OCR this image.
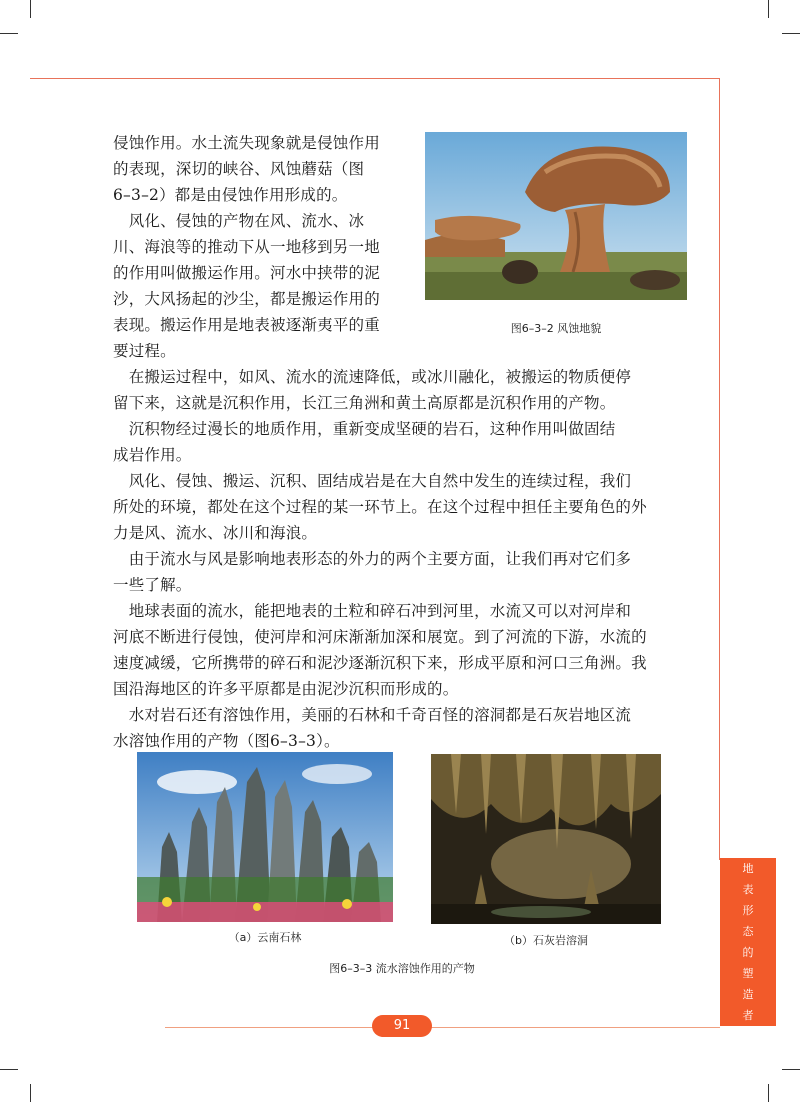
侵蚀作用。水土流失现象就是侵蚀作用

的表现，深切的峡谷、风蚀蘑菇（图

6–3–2）都是由侵蚀作用形成的。

　风化、侵蚀的产物在风、流水、冰

川、海浪等的推动下从一地移到另一地

的作用叫做搬运作用。河水中挟带的泥

沙，大风扬起的沙尘，都是搬运作用的

表现。搬运作用是地表被逐渐夷平的重

要过程。

　在搬运过程中，如风、流水的流速降低，或冰川融化，被搬运的物质便停

留下来，这就是沉积作用，长江三角洲和黄土高原都是沉积作用的产物。

　沉积物经过漫长的地质作用，重新变成坚硬的岩石，这种作用叫做固结

成岩作用。

　风化、侵蚀、搬运、沉积、固结成岩是在大自然中发生的连续过程，我们

所处的环境，都处在这个过程的某一环节上。在这个过程中担任主要角色的外

力是风、流水、冰川和海浪。

　由于流水与风是影响地表形态的外力的两个主要方面，让我们再对它们多

一些了解。

　地球表面的流水，能把地表的土粒和碎石冲到河里，水流又可以对河岸和

河底不断进行侵蚀，使河岸和河床渐渐加深和展宽。到了河流的下游，水流的

速度减缓，它所携带的碎石和泥沙逐渐沉积下来，形成平原和河口三角洲。我

国沿海地区的许多平原都是由泥沙沉积而形成的。

　水对岩石还有溶蚀作用，美丽的石林和千奇百怪的溶洞都是石灰岩地区流

水溶蚀作用的产物（图6–3–3）。

图6–3–2 风蚀地貌
（a）云南石林	（b）石灰岩溶洞
图6–3–3 流水溶蚀作用的产物
地
表
形
态
的
塑
造
者
91
